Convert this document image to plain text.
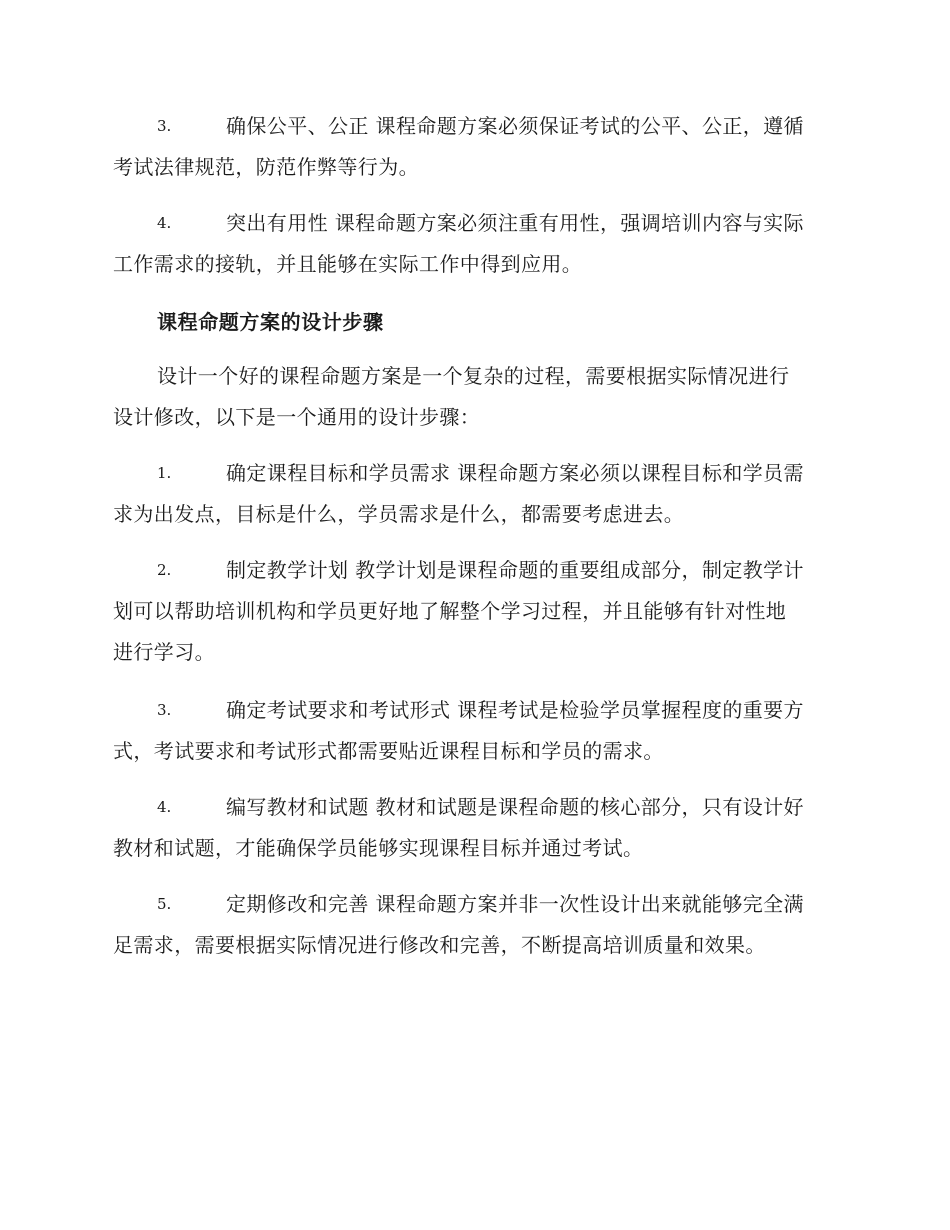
3.	确保公平、公正 课程命题方案必须保证考试的公平、公正，遵循
考试法律规范，防范作弊等行为。
4.	突出有用性 课程命题方案必须注重有用性，强调培训内容与实际
工作需求的接轨，并且能够在实际工作中得到应用。
课程命题方案的设计步骤
设计一个好的课程命题方案是一个复杂的过程，需要根据实际情况进行
设计修改，以下是一个通用的设计步骤：
1.	确定课程目标和学员需求 课程命题方案必须以课程目标和学员需
求为出发点，目标是什么，学员需求是什么，都需要考虑进去。
2.	制定教学计划 教学计划是课程命题的重要组成部分，制定教学计
划可以帮助培训机构和学员更好地了解整个学习过程，并且能够有针对性地
进行学习。
3.	确定考试要求和考试形式 课程考试是检验学员掌握程度的重要方
式，考试要求和考试形式都需要贴近课程目标和学员的需求。
4.	编写教材和试题 教材和试题是课程命题的核心部分，只有设计好
教材和试题，才能确保学员能够实现课程目标并通过考试。
5.	定期修改和完善 课程命题方案并非一次性设计出来就能够完全满
足需求，需要根据实际情况进行修改和完善，不断提高培训质量和效果。
